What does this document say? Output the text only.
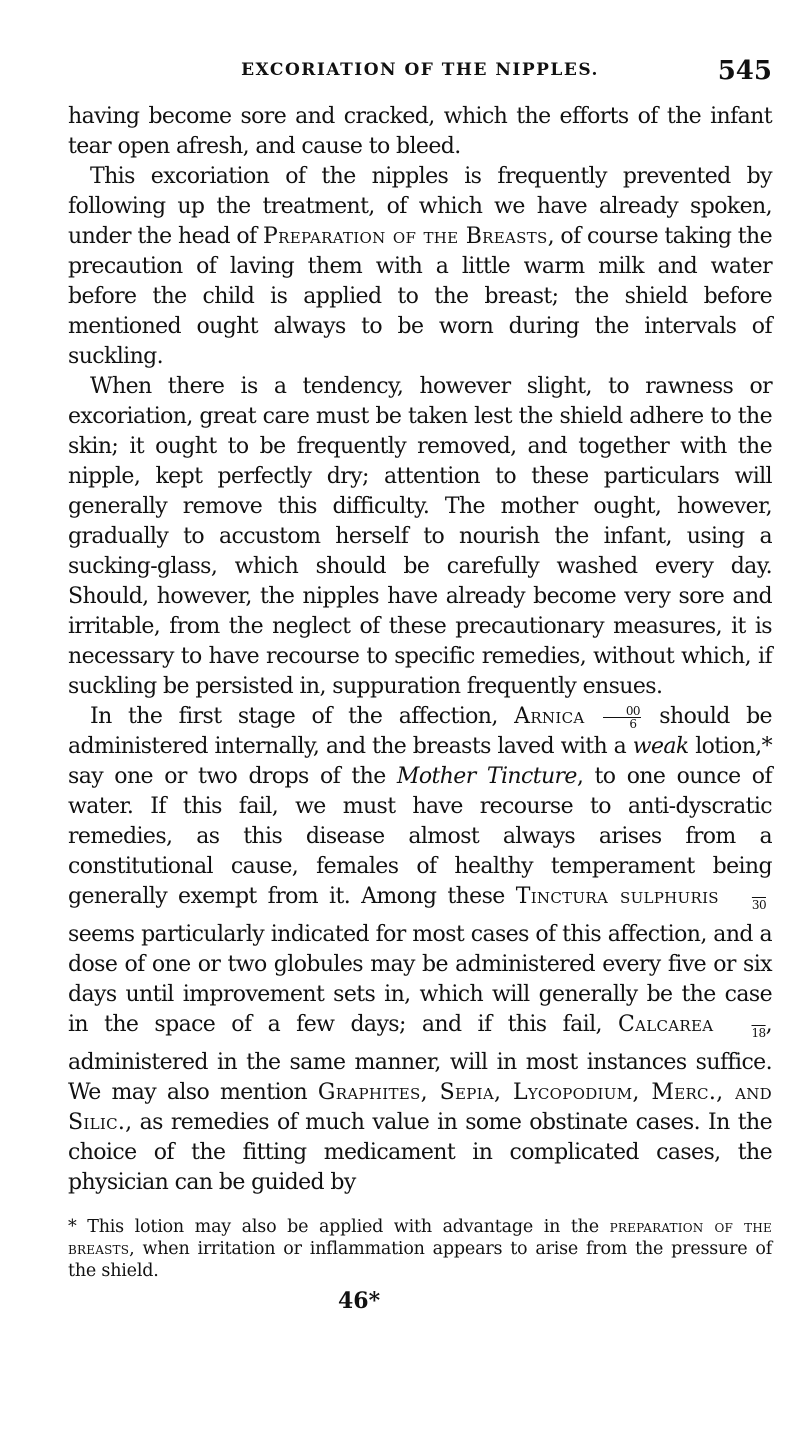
EXCORIATION OF THE NIPPLES.	545

having become sore and cracked, which the efforts of the infant tear open afresh, and cause to bleed.

This excoriation of the nipples is frequently prevented by following up the treatment, of which we have already spoken, under the head of Preparation of the Breasts, of course taking the precaution of laving them with a little warm milk and water before the child is applied to the breast; the shield before mentioned ought always to be worn during the intervals of suckling.

When there is a tendency, however slight, to rawness or excoriation, great care must be taken lest the shield adhere to the skin; it ought to be frequently removed, and together with the nipple, kept perfectly dry; attention to these particulars will generally remove this difficulty. The mother ought, however, gradually to accustom herself to nourish the infant, using a sucking-glass, which should be carefully washed every day. Should, however, the nipples have already become very sore and irritable, from the neglect of these precautionary measures, it is necessary to have recourse to specific remedies, without which, if suckling be persisted in, suppuration frequently ensues.

In the first stage of the affection, Arnica $\frac{00}{6}$ should be administered internally, and the breasts laved with a weak lotion,* say one or two drops of the Mother Tincture, to one ounce of water. If this fail, we must have recourse to anti-dyscratic remedies, as this disease almost always arises from a constitutional cause, females of healthy temperament being generally exempt from it. Among these Tinctura sulphuris	30seems particularly indicated for most cases of this affection, and a dose of one or two globules may be administered every five or six days until improvement sets in, which will generally be the case in the space of a few days; and if this fail, Calcarea	18, administered in the same manner, will in most instances suffice. We may also mention Graphites, Sepia, Lycopodium, Merc., and Silic., as remedies of much value in some obstinate cases. In the choice of the fitting medicament in complicated cases, the physician can be guided by

* This lotion may also be applied with advantage in the preparation of the breasts, when irritation or inflammation appears to arise from the pressure of the shield.
46*
